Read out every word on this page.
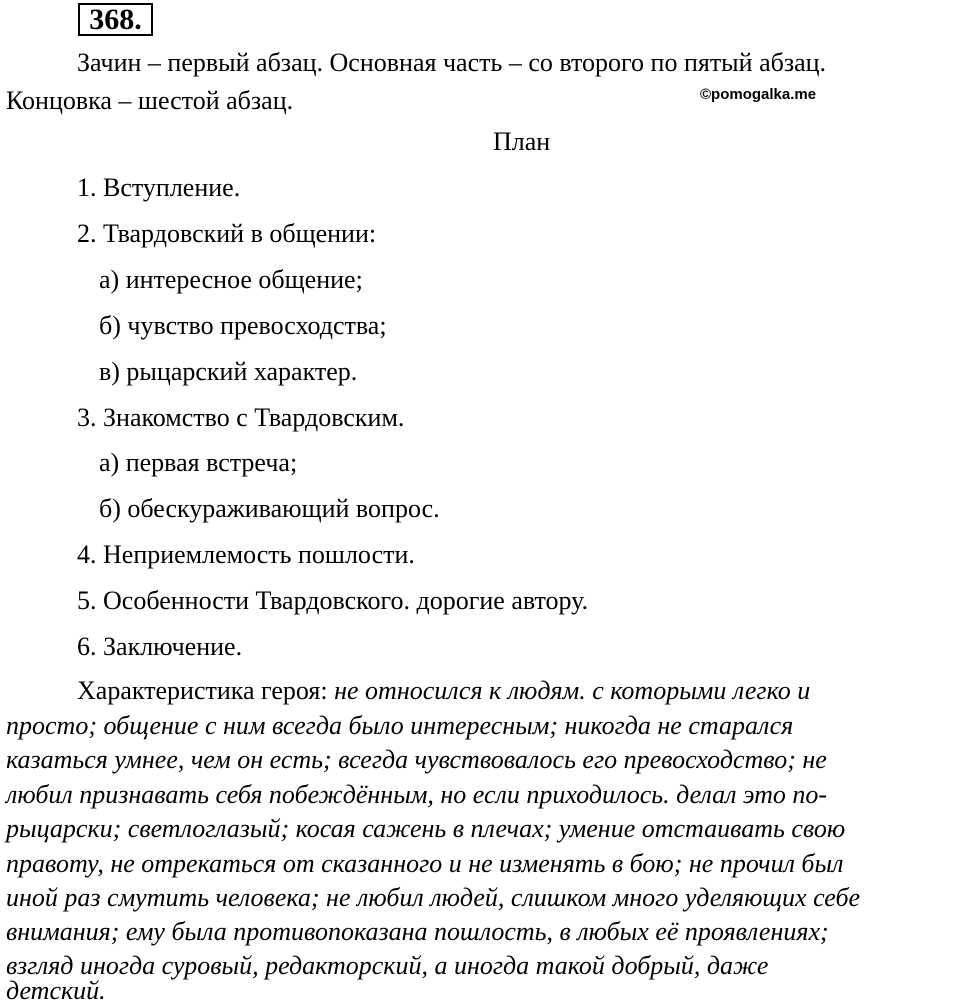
368.
Зачин – первый абзац. Основная часть – со второго по пятый абзац.
Концовка – шестой абзац.	©pomogalka.me
План
1. Вступление.
2. Твардовский в общении:
а) интересное общение;
б) чувство превосходства;
в) рыцарский характер.
3. Знакомство с Твардовским.
а) первая встреча;
б) обескураживающий вопрос.
4. Неприемлемость пошлости.
5. Особенности Твардовского. дорогие автору.
6. Заключение.
Характеристика героя: не относился к людям. с которыми легко и
просто; общение с ним всегда было интересным; никогда не старался
казаться умнее, чем он есть; всегда чувствовалось его превосходство; не
любил признавать себя побеждённым, но если приходилось. делал это по-
рыцарски; светлоглазый; косая сажень в плечах; умение отстаивать свою
правоту, не отрекаться от сказанного и не изменять в бою; не прочил был
иной раз смутить человека; не любил людей, слишком много уделяющих себе
внимания; ему была противопоказана пошлость, в любых её проявлениях;
взгляд иногда суровый, редакторский, а иногда такой добрый, даже
детский.
